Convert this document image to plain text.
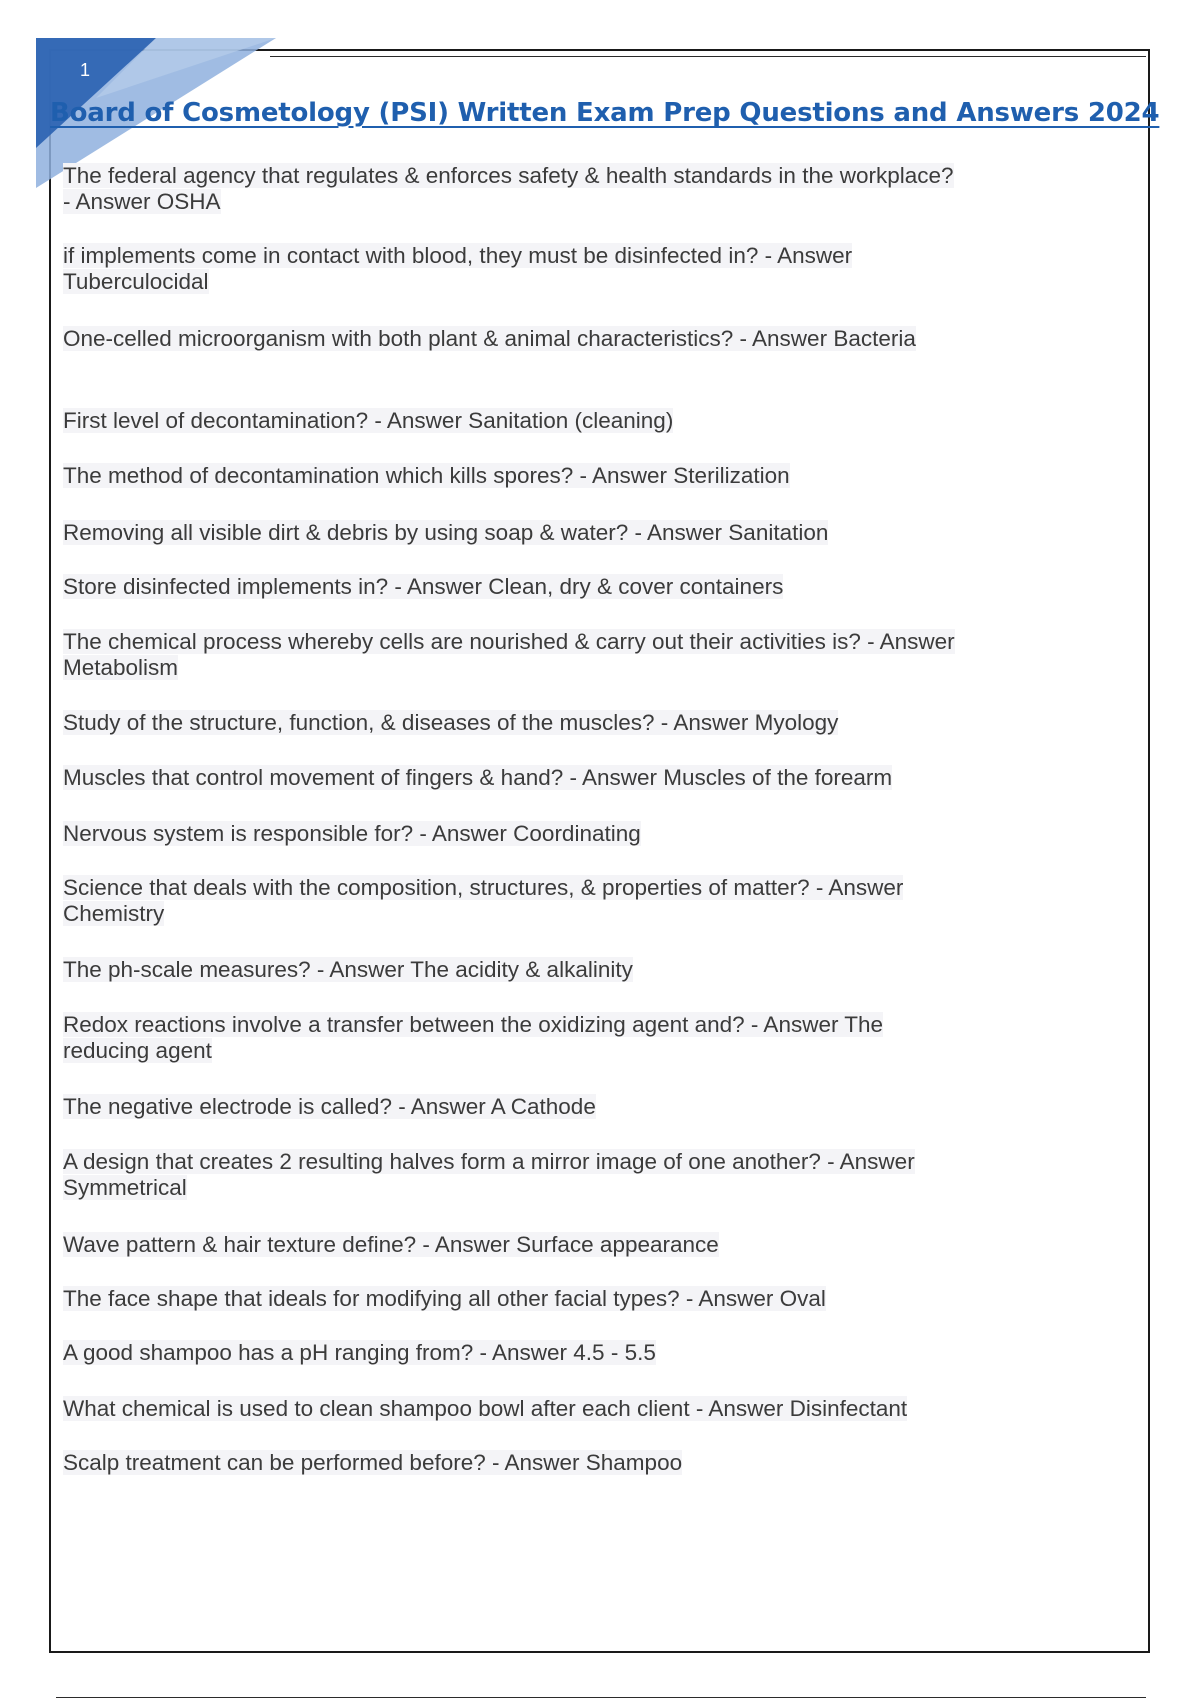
1
Board of Cosmetology (PSI) Written Exam Prep Questions and Answers 2024
The federal agency that regulates & enforces safety & health standards in the workplace? - Answer OSHA
if implements come in contact with blood, they must be disinfected in? - Answer Tuberculocidal
One-celled microorganism with both plant & animal characteristics? - Answer Bacteria
First level of decontamination? - Answer Sanitation (cleaning)
The method of decontamination which kills spores? - Answer Sterilization
Removing all visible dirt & debris by using soap & water? - Answer Sanitation
Store disinfected implements in? - Answer Clean, dry & cover containers
The chemical process whereby cells are nourished & carry out their activities is? - Answer Metabolism
Study of the structure, function, & diseases of the muscles? - Answer Myology
Muscles that control movement of fingers & hand? - Answer Muscles of the forearm
Nervous system is responsible for? - Answer Coordinating
Science that deals with the composition, structures, & properties of matter? - Answer Chemistry
The ph-scale measures? - Answer The acidity & alkalinity
Redox reactions involve a transfer between the oxidizing agent and? - Answer The reducing agent
The negative electrode is called? - Answer A Cathode
A design that creates 2 resulting halves form a mirror image of one another? - Answer Symmetrical
Wave pattern & hair texture define? - Answer Surface appearance
The face shape that ideals for modifying all other facial types? - Answer Oval
A good shampoo has a pH ranging from? - Answer 4.5 - 5.5
What chemical is used to clean shampoo bowl after each client - Answer Disinfectant
Scalp treatment can be performed before? - Answer Shampoo
